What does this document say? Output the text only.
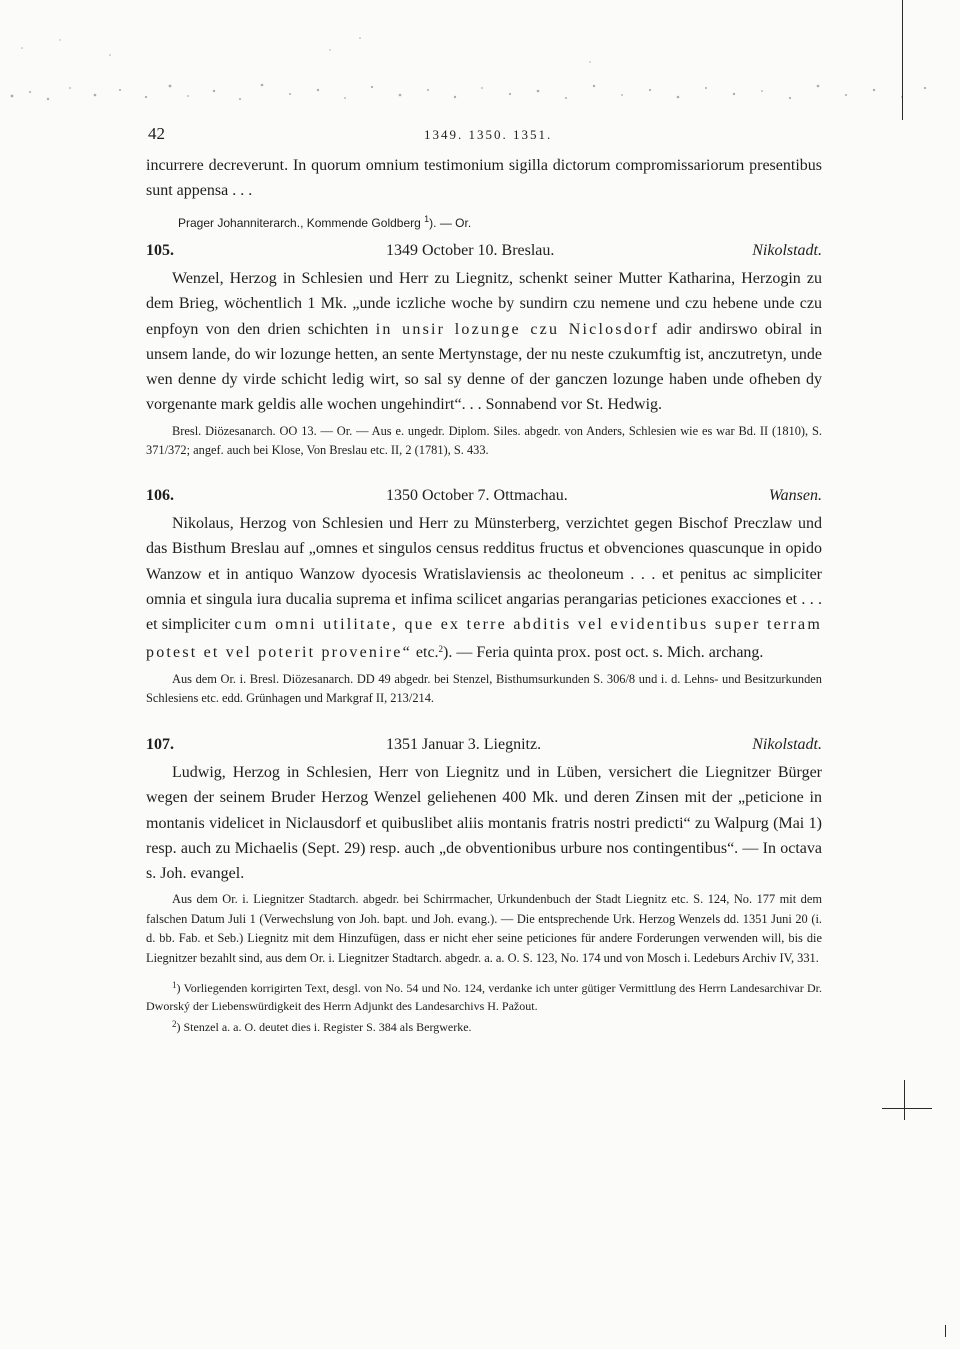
42	1349. 1350. 1351.

incurrere decreverunt. In quorum omnium testimonium sigilla dictorum compromissariorum presentibus sunt appensa . . .

Prager Johanniterarch., Kommende Goldberg $^1$). — Or.

105.	1349 October 10. Breslau.	Nikolstadt.

Wenzel, Herzog in Schlesien und Herr zu Liegnitz, schenkt seiner Mutter Katharina, Herzogin zu dem Brieg, wöchentlich 1 Mk. „unde iczliche woche by sundirn czu nemene und czu hebene unde czu enpfoyn von den drien schichten in unsir lozunge czu Niclosdorf adir andirswo obiral in unsem lande, do wir lozunge hetten, an sente Mertynstage, der nu neste czukumftig ist, anczutretyn, unde wen denne dy virde schicht ledig wirt, so sal sy denne of der ganczen lozunge haben unde ofheben dy vorgenante mark geldis alle wochen ungehindirt“. . . Sonnabend vor St. Hedwig.

Bresl. Diözesanarch. OO 13. — Or. — Aus e. ungedr. Diplom. Siles. abgedr. von Anders, Schlesien wie es war Bd. II (1810), S. 371/372; angef. auch bei Klose, Von Breslau etc. II, 2 (1781), S. 433.

106.	1350 October 7. Ottmachau.	Wansen.

Nikolaus, Herzog von Schlesien und Herr zu Münsterberg, verzichtet gegen Bischof Preczlaw und das Bisthum Breslau auf „omnes et singulos census redditus fructus et obvenciones quascunque in opido Wanzow et in antiquo Wanzow dyocesis Wratislaviensis ac theoloneum . . . et penitus ac simpliciter omnia et singula iura ducalia suprema et infima scilicet angarias perangarias peticiones exacciones et . . . et simpliciter cum omni utilitate, que ex terre abditis vel evidentibus super terram potest et vel poterit provenire“ etc.$^2$). — Feria quinta prox. post oct. s. Mich. archang.

Aus dem Or. i. Bresl. Diözesanarch. DD 49 abgedr. bei Stenzel, Bisthumsurkunden S. 306/8 und i. d. Lehns- und Besitzurkunden Schlesiens etc. edd. Grünhagen und Markgraf II, 213/214.

107.	1351 Januar 3. Liegnitz.	Nikolstadt.

Ludwig, Herzog in Schlesien, Herr von Liegnitz und in Lüben, versichert die Liegnitzer Bürger wegen der seinem Bruder Herzog Wenzel geliehenen 400 Mk. und deren Zinsen mit der „peticione in montanis videlicet in Niclausdorf et quibuslibet aliis montanis fratris nostri predicti“ zu Walpurg (Mai 1) resp. auch zu Michaelis (Sept. 29) resp. auch „de obventionibus urbure nos contingentibus“. — In octava s. Joh. evangel.

Aus dem Or. i. Liegnitzer Stadtarch. abgedr. bei Schirrmacher, Urkundenbuch der Stadt Liegnitz etc. S. 124, No. 177 mit dem falschen Datum Juli 1 (Verwechslung von Joh. bapt. und Joh. evang.). — Die entsprechende Urk. Herzog Wenzels dd. 1351 Juni 20 (i. d. bb. Fab. et Seb.) Liegnitz mit dem Hinzufügen, dass er nicht eher seine peticiones für andere Forderungen verwenden will, bis die Liegnitzer bezahlt sind, aus dem Or. i. Liegnitzer Stadtarch. abgedr. a. a. O. S. 123, No. 174 und von Mosch i. Ledeburs Archiv IV, 331.

$^1$) Vorliegenden korrigirten Text, desgl. von No. 54 und No. 124, verdanke ich unter gütiger Vermittlung des Herrn Landesarchivar Dr. Dworský der Liebenswürdigkeit des Herrn Adjunkt des Landesarchivs H. Pažout.

$^2$) Stenzel a. a. O. deutet dies i. Register S. 384 als Bergwerke.
